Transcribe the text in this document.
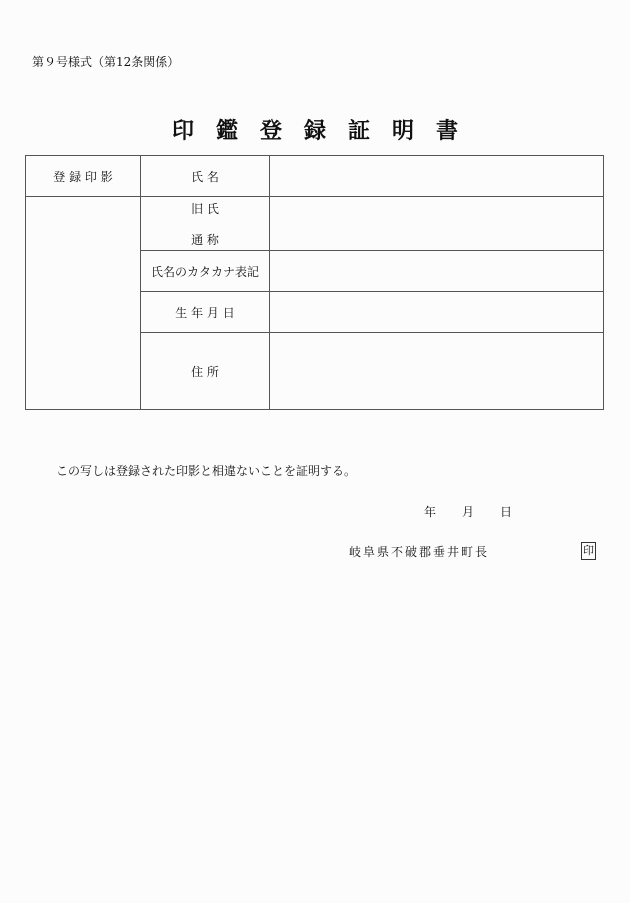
第９号様式（第12条関係）
印 鑑 登 録 証 明 書
登 録 印 影	氏 名	

	旧 氏
通 称	

	氏名のカタカナ表記	
	生 年 月 日	
	住 所	
この写しは登録された印影と相違ないことを証明する。
年 月 日
岐阜県不破郡垂井町長	印
